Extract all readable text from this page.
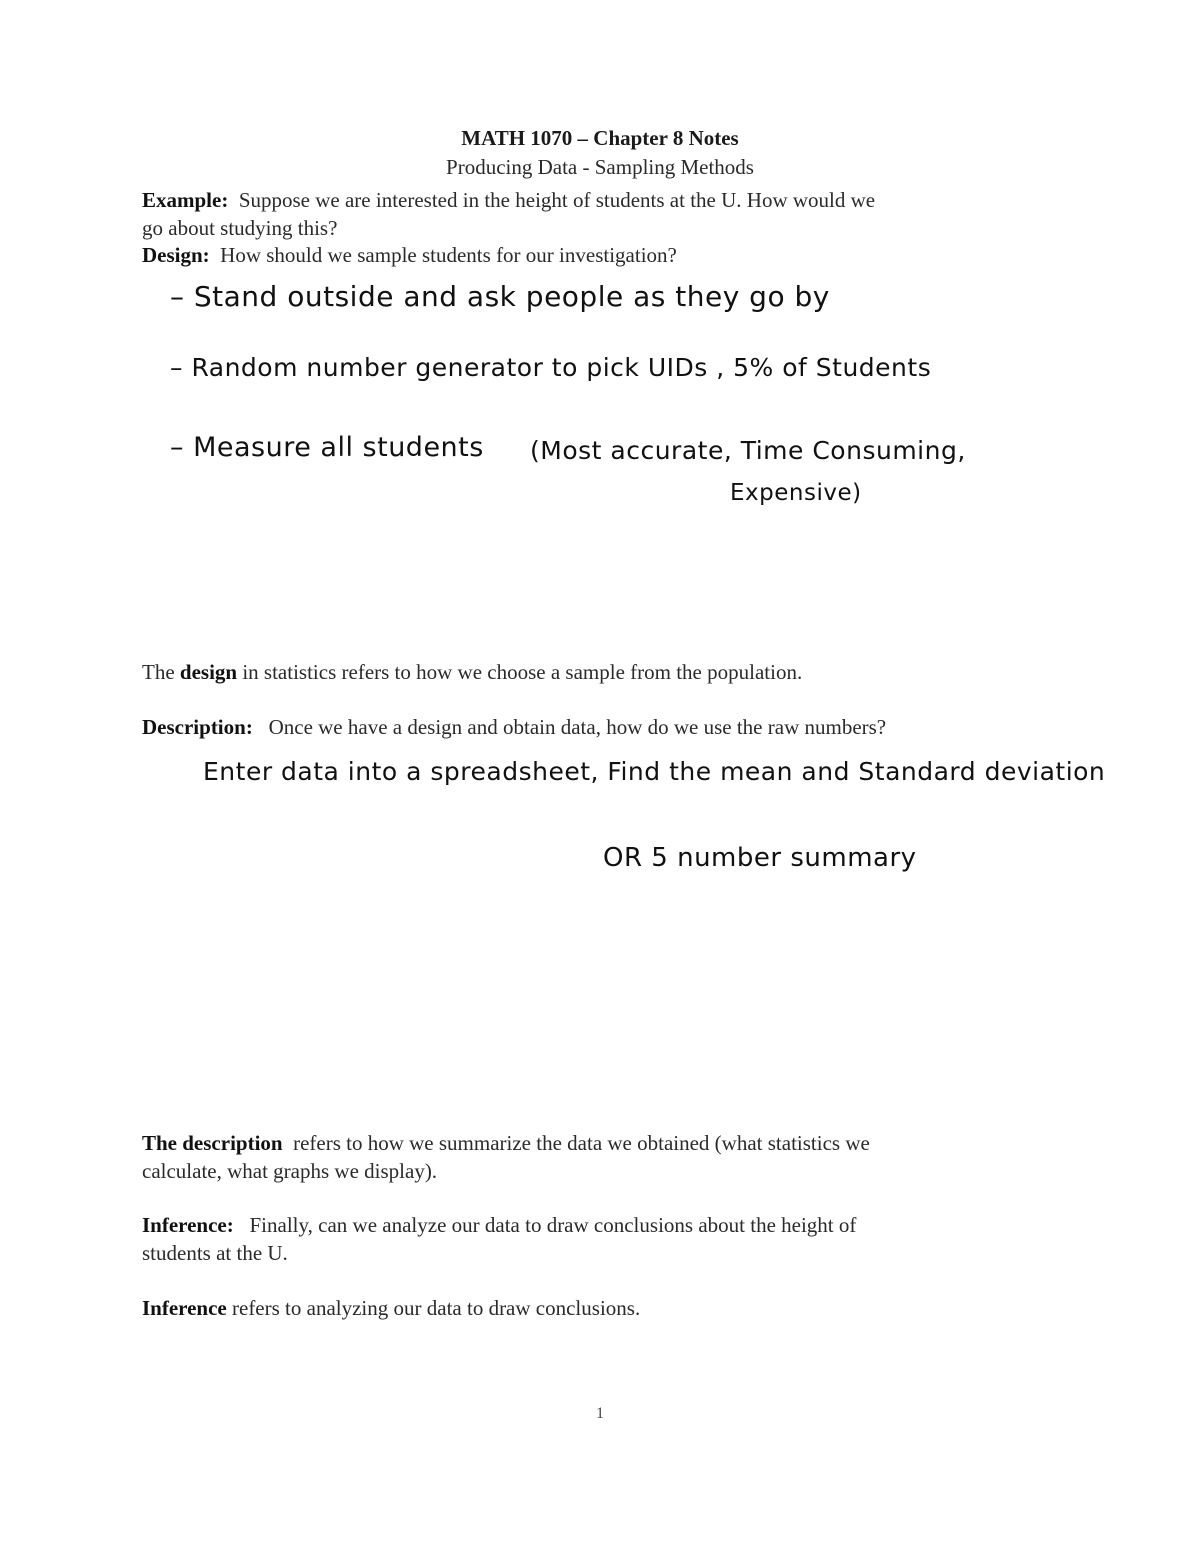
MATH 1070 – Chapter 8 Notes
Producing Data - Sampling Methods
Example: Suppose we are interested in the height of students at the U. How would we
go about studying this?
Design: How should we sample students for our investigation?
– Stand outside and ask people as they go by
– Random number generator to pick UIDs , 5% of Students
– Measure all students (Most accurate, Time Consuming,
Expensive)
The design in statistics refers to how we choose a sample from the population.
Description: Once we have a design and obtain data, how do we use the raw numbers?
Enter data into a spreadsheet, Find the mean and Standard deviation
OR 5 number summary
The description refers to how we summarize the data we obtained (what statistics we
calculate, what graphs we display).
Inference: Finally, can we analyze our data to draw conclusions about the height of
students at the U.
Inference refers to analyzing our data to draw conclusions.
1
